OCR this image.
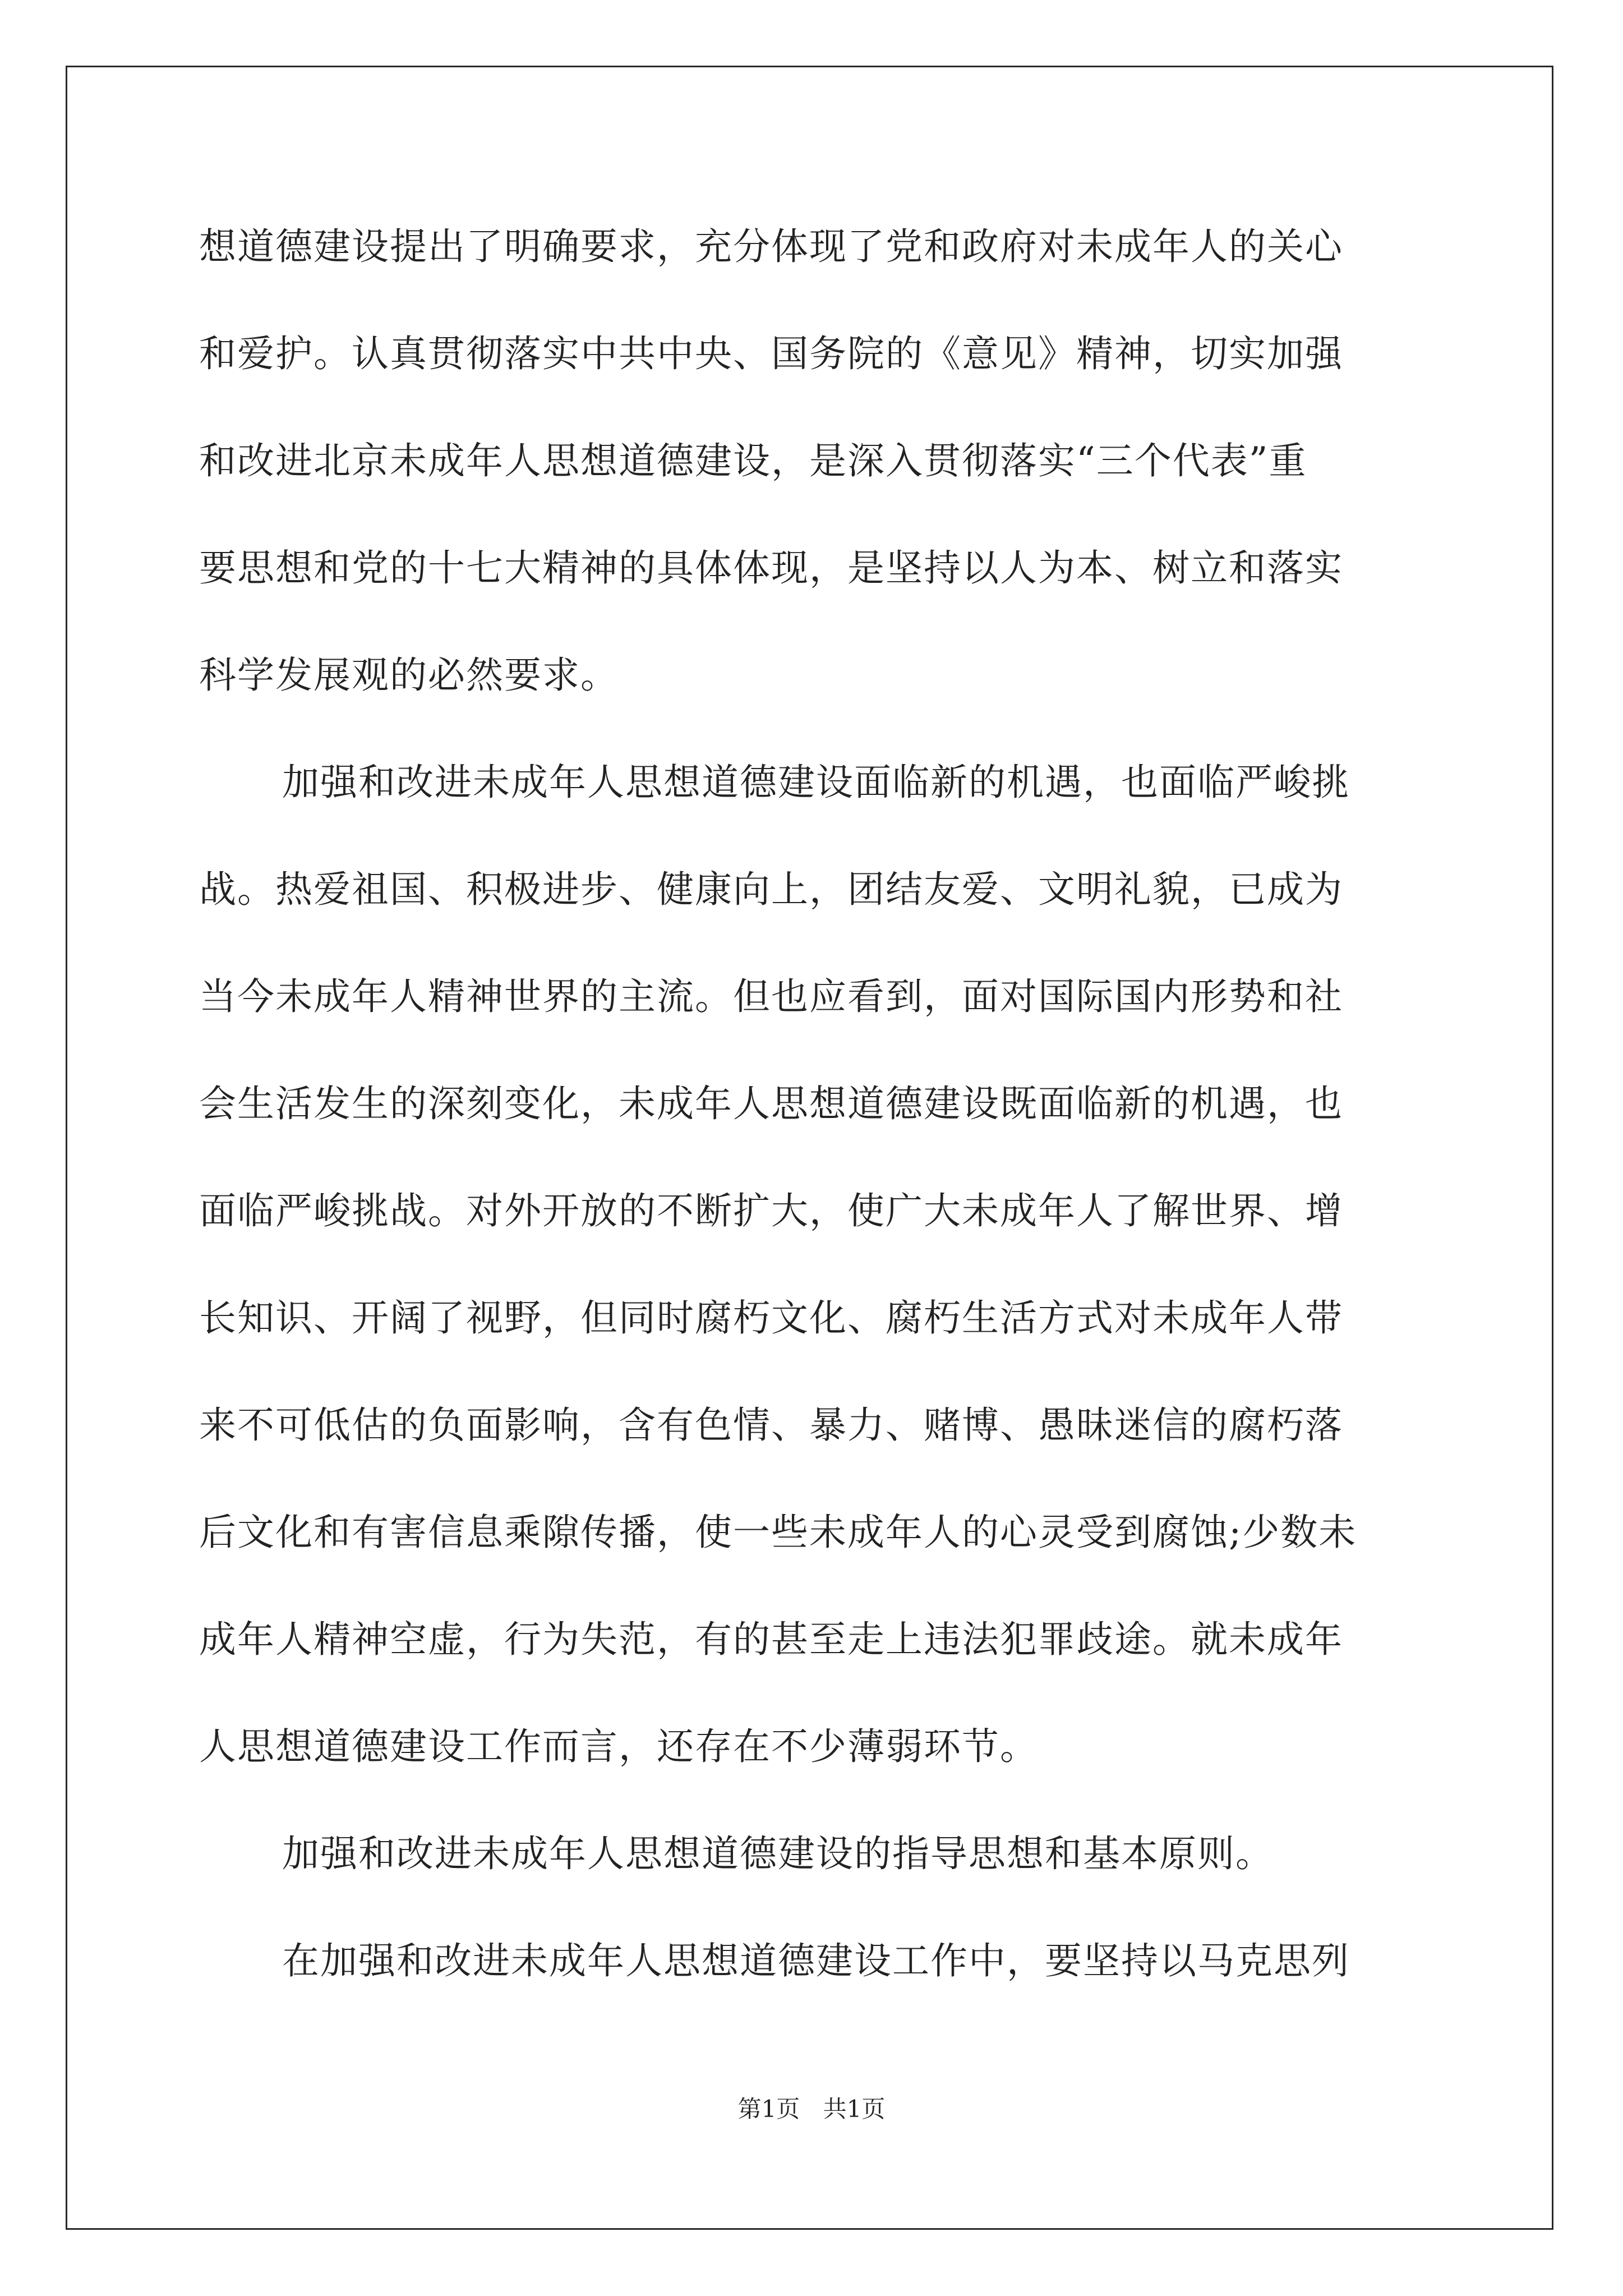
想道德建设提出了明确要求，充分体现了党和政府对未成年人的关心
和爱护。认真贯彻落实中共中央、国务院的《意见》精神，切实加强
和改进北京未成年人思想道德建设，是深入贯彻落实“三个代表”重
要思想和党的十七大精神的具体体现，是坚持以人为本、树立和落实
科学发展观的必然要求。
加强和改进未成年人思想道德建设面临新的机遇，也面临严峻挑
战。热爱祖国、积极进步、健康向上，团结友爱、文明礼貌，已成为
当今未成年人精神世界的主流。但也应看到，面对国际国内形势和社
会生活发生的深刻变化，未成年人思想道德建设既面临新的机遇，也
面临严峻挑战。对外开放的不断扩大，使广大未成年人了解世界、增
长知识、开阔了视野，但同时腐朽文化、腐朽生活方式对未成年人带
来不可低估的负面影响，含有色情、暴力、赌博、愚昧迷信的腐朽落
后文化和有害信息乘隙传播，使一些未成年人的心灵受到腐蚀;少数未
成年人精神空虚，行为失范，有的甚至走上违法犯罪歧途。就未成年
人思想道德建设工作而言，还存在不少薄弱环节。
加强和改进未成年人思想道德建设的指导思想和基本原则。
在加强和改进未成年人思想道德建设工作中，要坚持以马克思列
第1页 共1页
